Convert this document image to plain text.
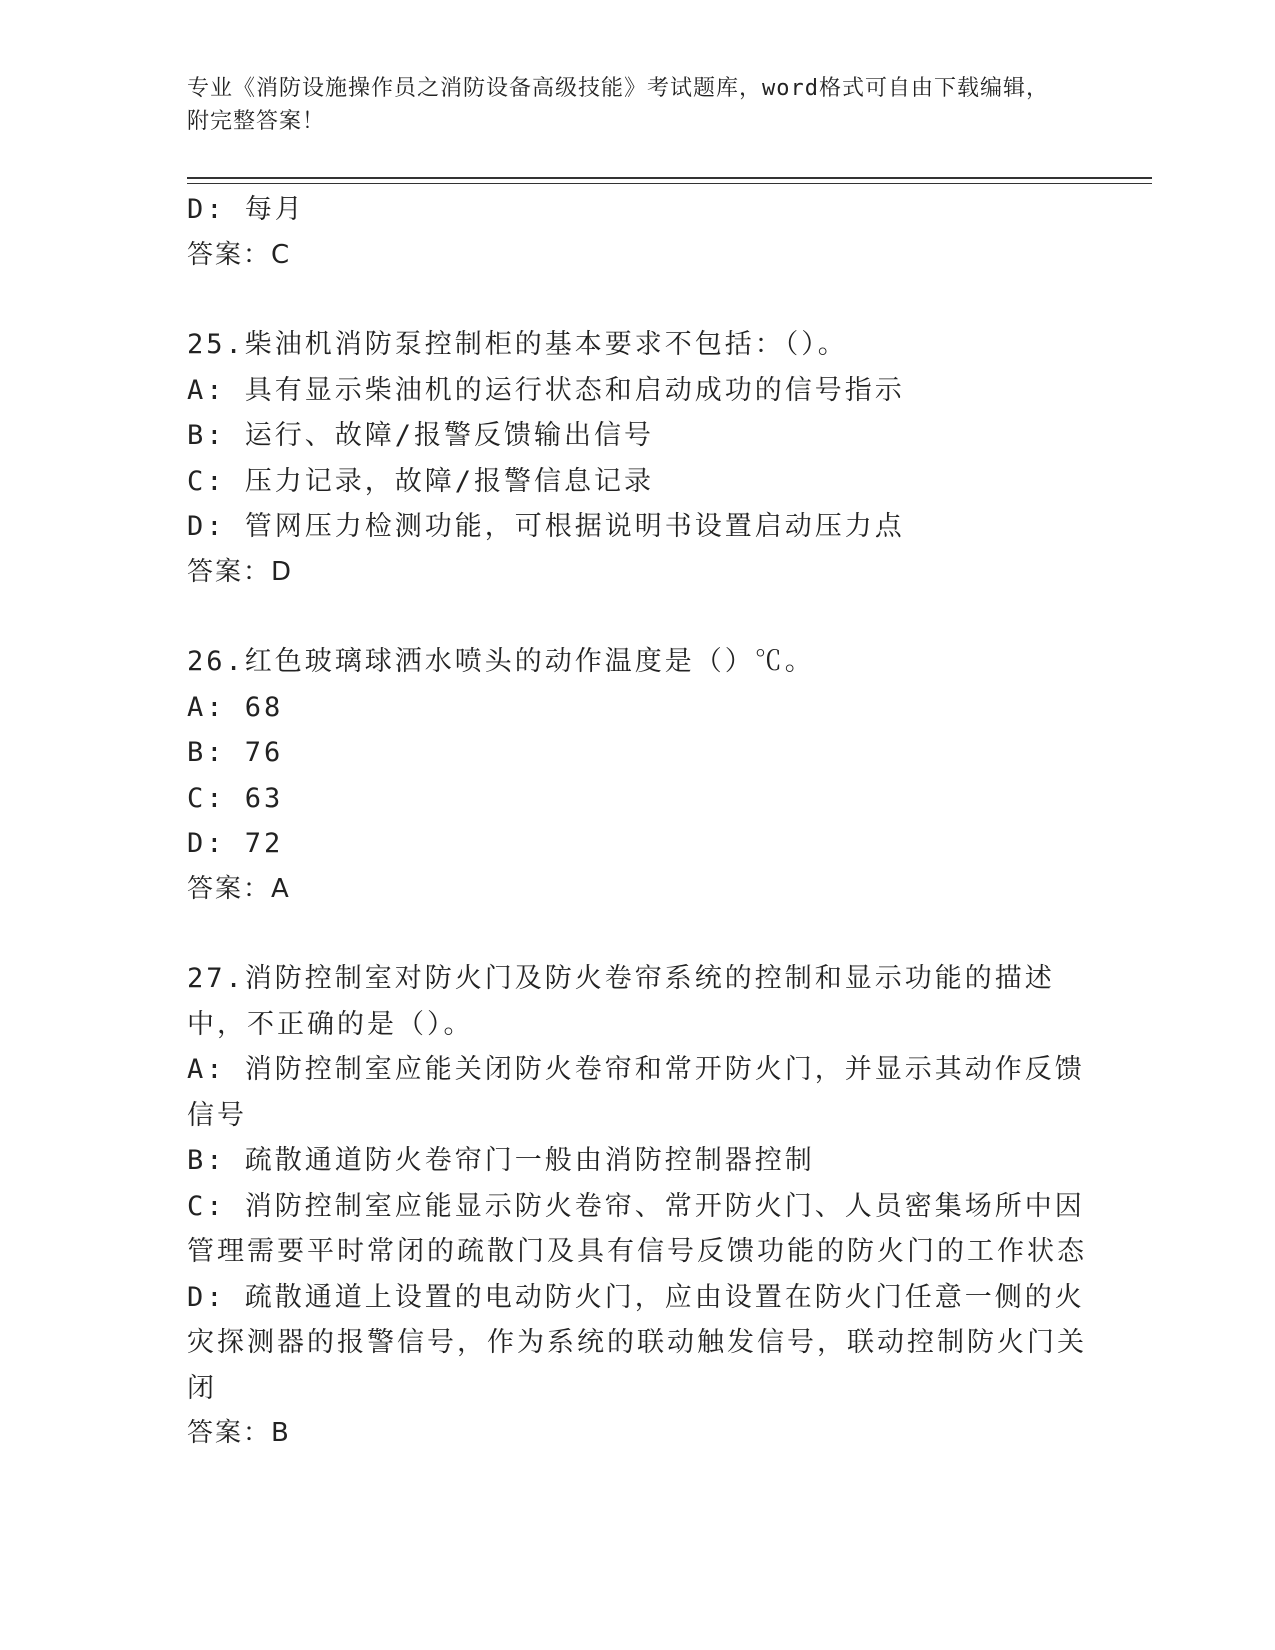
专业《消防设施操作员之消防设备高级技能》考试题库，word格式可自由下载编辑，附完整答案！
D: 每月
答案：C
25.柴油机消防泵控制柜的基本要求不包括：（）。
A: 具有显示柴油机的运行状态和启动成功的信号指示
B: 运行、故障/报警反馈输出信号
C: 压力记录，故障/报警信息记录
D: 管网压力检测功能，可根据说明书设置启动压力点
答案：D
26.红色玻璃球洒水喷头的动作温度是（）℃。
A: 68
B: 76
C: 63
D: 72
答案：A
27.消防控制室对防火门及防火卷帘系统的控制和显示功能的描述中，不正确的是（）。
A: 消防控制室应能关闭防火卷帘和常开防火门，并显示其动作反馈信号
B: 疏散通道防火卷帘门一般由消防控制器控制
C: 消防控制室应能显示防火卷帘、常开防火门、人员密集场所中因管理需要平时常闭的疏散门及具有信号反馈功能的防火门的工作状态
D: 疏散通道上设置的电动防火门，应由设置在防火门任意一侧的火灾探测器的报警信号，作为系统的联动触发信号，联动控制防火门关闭
答案：B
